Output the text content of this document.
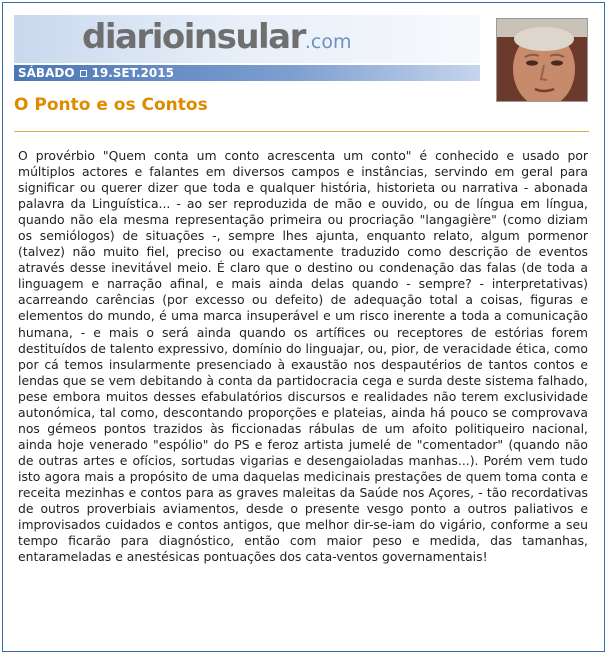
diarioinsular.com
SÁBADO 19.SET.2015
O Ponto e os Contos

O provérbio "Quem conta um conto acrescenta um conto" é conhecido e usado por múltiplos actores e falantes em diversos campos e instâncias, servindo em geral para significar ou querer dizer que toda e qualquer história, historieta ou narrativa - abonada palavra da Linguística... - ao ser reproduzida de mão e ouvido, ou de língua em língua, quando não ela mesma representação primeira ou procriação "langagière" (como diziam os semiólogos) de situações -, sempre lhes ajunta, enquanto relato, algum pormenor (talvez) não muito fiel, preciso ou exactamente traduzido como descrição de eventos através desse inevitável meio. É claro que o destino ou condenação das falas (de toda a linguagem e narração afinal, e mais ainda delas quando - sempre? - interpretativas) acarreando carências (por excesso ou defeito) de adequação total a coisas, figuras e elementos do mundo, é uma marca insuperável e um risco inerente a toda a comunicação humana, - e mais o será ainda quando os artífices ou receptores de estórias forem destituídos de talento expressivo, domínio do linguajar, ou, pior, de veracidade ética, como por cá temos insularmente presenciado à exaustão nos despautérios de tantos contos e lendas que se vem debitando à conta da partidocracia cega e surda deste sistema falhado, pese embora muitos desses efabulatórios discursos e realidades não terem exclusividade autonómica, tal como, descontando proporções e plateias, ainda há pouco se comprovava nos gémeos pontos trazidos às ficcionadas rábulas de um afoito politiqueiro nacional, ainda hoje venerado "espólio" do PS e feroz artista jumelé de "comentador" (quando não de outras artes e ofícios, sortudas vigarias e desengaioladas manhas...). Porém vem tudo isto agora mais a propósito de uma daquelas medicinais prestações de quem toma conta e receita mezinhas e contos para as graves maleitas da Saúde nos Açores, - tão recordativas de outros proverbiais aviamentos, desde o presente vesgo ponto a outros paliativos e improvisados cuidados e contos antigos, que melhor dir-se-iam do vigário, conforme a seu tempo ficarão para diagnóstico, então com maior peso e medida, das tamanhas, entarameladas e anestésicas pontuações dos cata-ventos governamentais!
